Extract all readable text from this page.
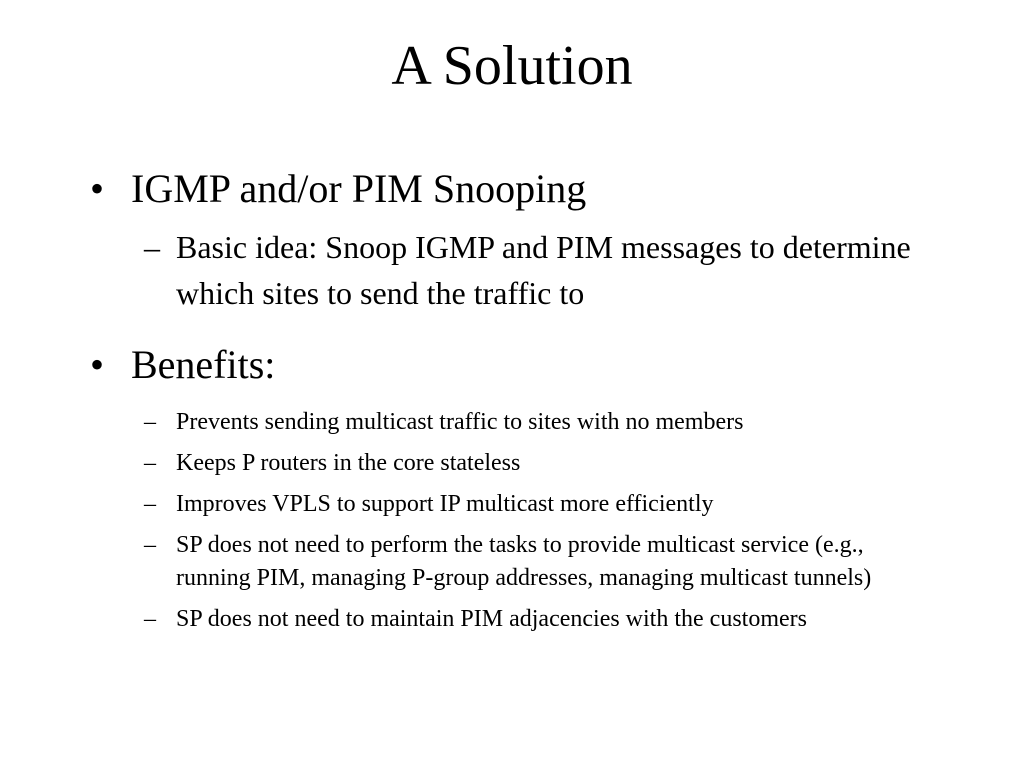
A Solution
• IGMP and/or PIM Snooping
– Basic idea: Snoop IGMP and PIM messages to determine which sites to send the traffic to
• Benefits:
– Prevents sending multicast traffic to sites with no members
– Keeps P routers in the core stateless
– Improves VPLS to support IP multicast more efficiently
– SP does not need to perform the tasks to provide multicast service (e.g., running PIM, managing P-group addresses, managing multicast tunnels)
– SP does not need to maintain PIM adjacencies with the customers
